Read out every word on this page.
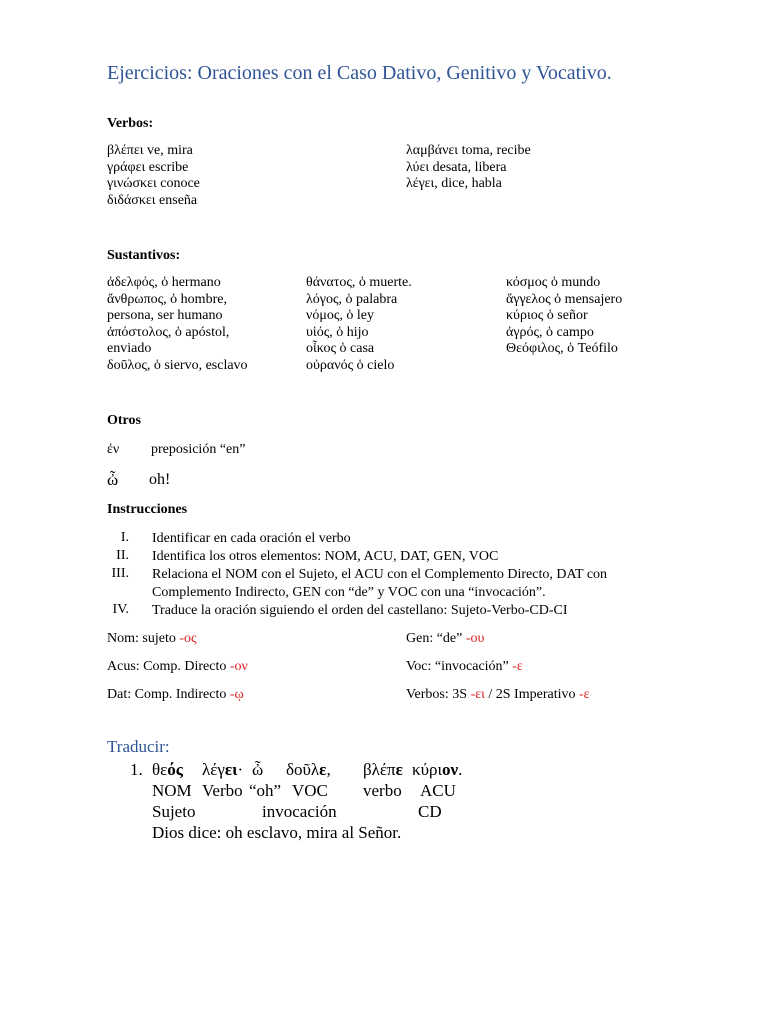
Ejercicios: Oraciones con el Caso Dativo, Genitivo y Vocativo.
Verbos:
βλέπει ve, mira
γράφει escribe
γινώσκει conoce
διδάσκει enseña
λαμβάνει toma, recibe
λύει desata, libera
λέγει, dice, habla
Sustantivos:
ἀδελφός, ὁ hermano
ἄνθρωπος, ὁ hombre,
persona, ser humano
ἀπόστολος, ὁ apóstol,
enviado
δοῦλος, ὁ siervo, esclavo
θάνατος, ὁ muerte.
λόγος, ὁ palabra
νόμος, ὁ ley
υἱός, ὁ hijo
οἶκος ὁ casa
οὐρανός ὁ cielo
κόσμος ὁ mundo
ἄγγελος ὁ mensajero
κύριος ὁ señor
ἀγρός, ὁ campo
Θεόφιλος, ὁ Teófilo
Otros
ἐν preposición “en”
ὦ oh!
Instrucciones
I. Identificar en cada oración el verbo
II. Identifica los otros elementos: NOM, ACU, DAT, GEN, VOC
III. Relaciona el NOM con el Sujeto, el ACU con el Complemento Directo, DAT con Complemento Indirecto, GEN con “de” y VOC con una “invocación”.
IV. Traduce la oración siguiendo el orden del castellano: Sujeto-Verbo-CD-CI
Nom: sujeto -ος
Acus: Comp. Directo -ον
Dat: Comp. Indirecto -ῳ
Gen: “de” -ου
Voc: “invocación” -ε
Verbos: 3S -ει / 2S Imperativo -ε
Traducir:
1. θεός λέγει· ὦ δοῦλε, βλέπε κύριον.
NOM Verbo “oh” VOC verbo ACU
Sujeto	invocación	CD
Dios dice: oh esclavo, mira al Señor.
